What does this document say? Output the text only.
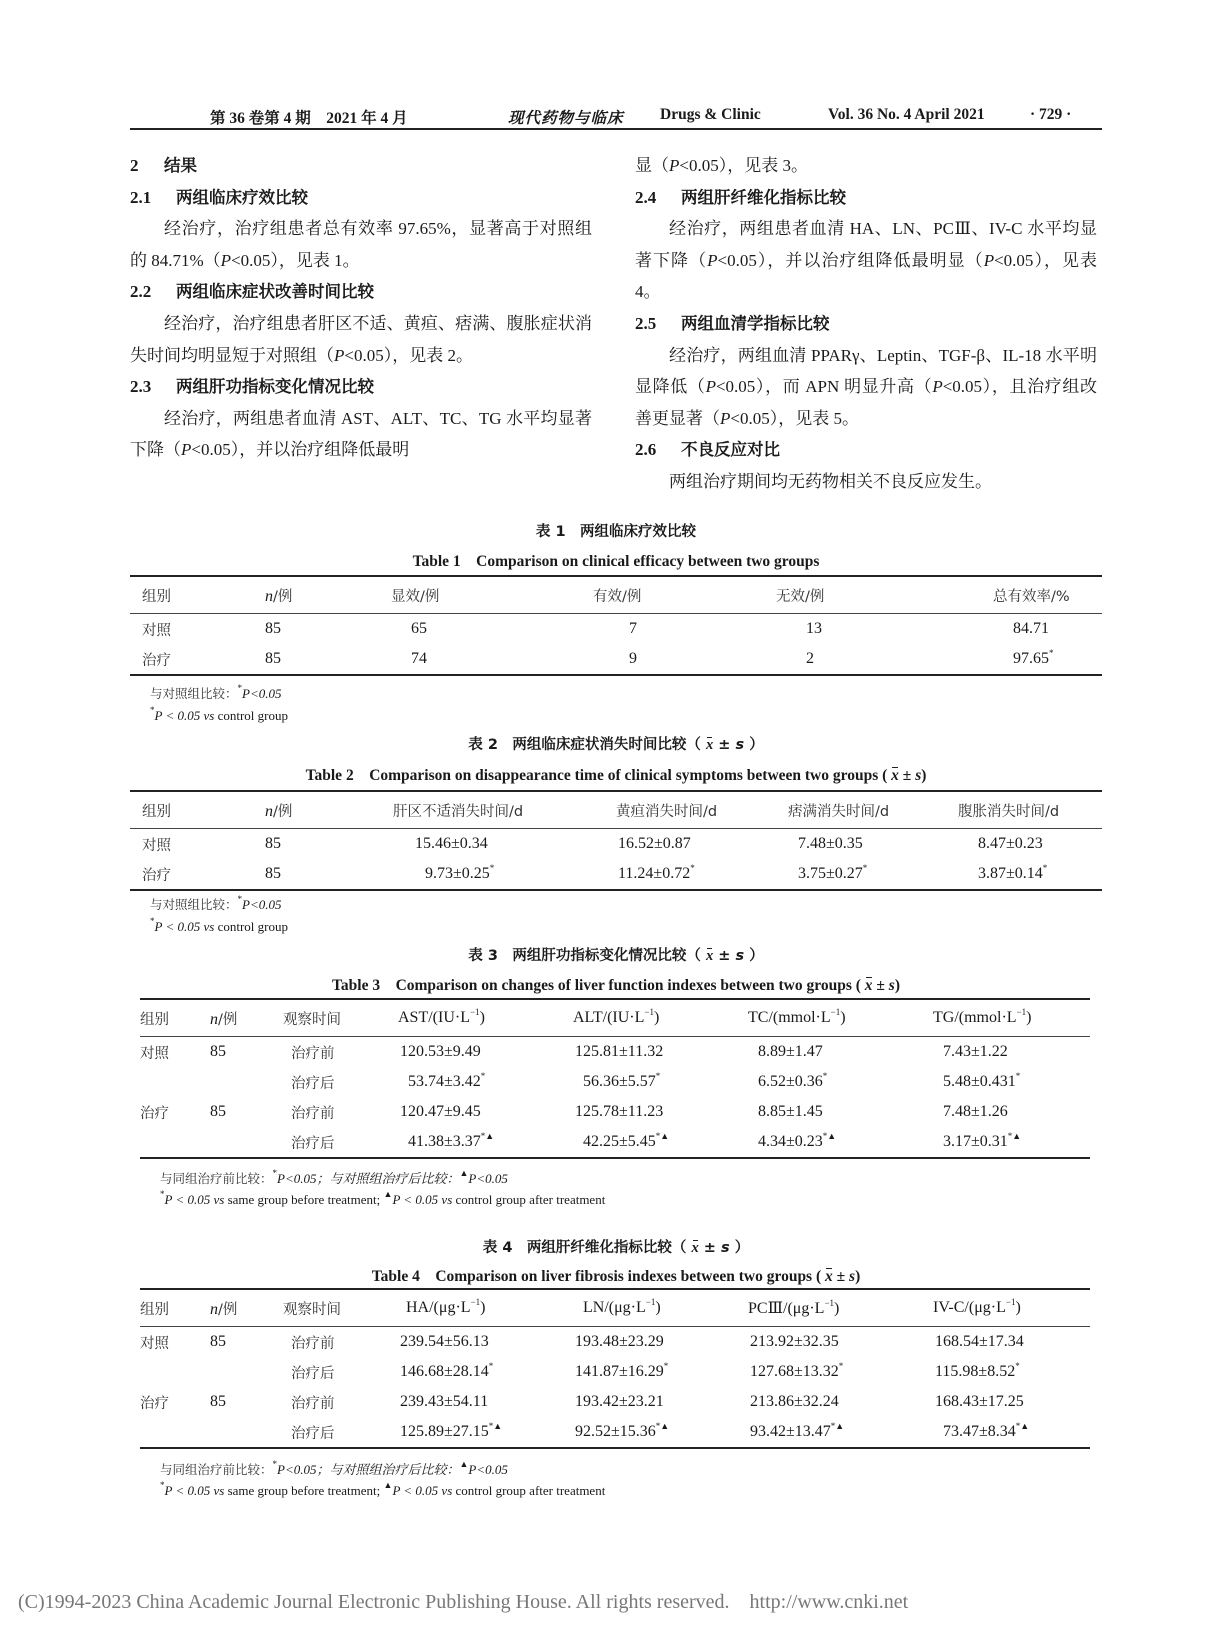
第 36 卷第 4 期　2021 年 4 月	现代药物与临床 Drugs & Clinic	Vol. 36 No. 4 April 2021	· 729 ·
2 结果
2.1 两组临床疗效比较
经治疗，治疗组患者总有效率 97.65%，显著高于对照组的 84.71%（P<0.05），见表 1。
2.2 两组临床症状改善时间比较
经治疗，治疗组患者肝区不适、黄疸、痞满、腹胀症状消失时间均明显短于对照组（P<0.05），见表 2。
2.3 两组肝功指标变化情况比较
经治疗，两组患者血清 AST、ALT、TC、TG 水平均显著下降（P<0.05），并以治疗组降低最明
显（P<0.05），见表 3。
2.4 两组肝纤维化指标比较
经治疗，两组患者血清 HA、LN、PCⅢ、IV-C 水平均显著下降（P<0.05），并以治疗组降低最明显（P<0.05），见表 4。
2.5 两组血清学指标比较
经治疗，两组血清 PPARγ、Leptin、TGF-β、IL-18 水平明显降低（P<0.05），而 APN 明显升高（P<0.05），且治疗组改善更显著（P<0.05），见表 5。
2.6 不良反应对比
两组治疗期间均无药物相关不良反应发生。
表 1　两组临床疗效比较
Table 1　Comparison on clinical efficacy between two groups
组别	n/例	显效/例	有效/例	无效/例	总有效率/%
对照	85	65	7	13	84.71
治疗	85	74	9	2	97.65*
与对照组比较：*P<0.05
*P < 0.05 vs control group
表 2　两组临床症状消失时间比较（ x ± s ）
Table 2　Comparison on disappearance time of clinical symptoms between two groups ( x ± s)
组别	n/例	肝区不适消失时间/d	黄疸消失时间/d	痞满消失时间/d	腹胀消失时间/d
对照	85	15.46±0.34	16.52±0.87	7.48±0.35	8.47±0.23
治疗	85	9.73±0.25*	11.24±0.72*	3.75±0.27*	3.87±0.14*
与对照组比较：*P<0.05
*P < 0.05 vs control group
表 3　两组肝功指标变化情况比较（ x ± s ）
Table 3　Comparison on changes of liver function indexes between two groups ( x ± s)
组别	n/例	观察时间	AST/$(IU\cdot L^{-1})$	ALT/$(IU\cdot L^{-1})$	$TC/(mmol\cdot L^{-1})$	$TG/(mmol\cdot L^{-1})$
对照	85	治疗前	120.53±9.49	125.81±11.32	8.89±1.47	7.43±1.22
		治疗后	53.74±3.42*	56.36±5.57*	6.52±0.36*	5.48±0.431*
治疗	85	治疗前	120.47±9.45	125.78±11.23	8.85±1.45	7.48±1.26
		治疗后	41.38±3.37*▲	42.25±5.45*▲	4.34±0.23*▲	3.17±0.31*▲
与同组治疗前比较：*P<0.05；与对照组治疗后比较：▲P<0.05
*P < 0.05 vs same group before treatment; ▲P < 0.05 vs control group after treatment
表 4　两组肝纤维化指标比较（ x ± s ）
Table 4　Comparison on liver fibrosis indexes between two groups ( x ± s)
组别	n/例	观察时间	$HA/(\mu g\cdot L^{-1})$	$LN/(\mu g\cdot L^{-1})$	PCⅢ/$(\mu g\cdot L^{-1})$	$IV-C/(\mu g\cdot L^{-1})$
对照	85	治疗前	239.54±56.13	193.48±23.29	213.92±32.35	168.54±17.34
		治疗后	146.68±28.14*	141.87±16.29*	127.68±13.32*	115.98±8.52*
治疗	85	治疗前	239.43±54.11	193.42±23.21	213.86±32.24	168.43±17.25
		治疗后	125.89±27.15*▲	92.52±15.36*▲	93.42±13.47*▲	73.47±8.34*▲
与同组治疗前比较：*P<0.05；与对照组治疗后比较：▲P<0.05
*P < 0.05 vs same group before treatment; ▲P < 0.05 vs control group after treatment
(C)1994-2023 China Academic Journal Electronic Publishing House. All rights reserved. http://www.cnki.net
